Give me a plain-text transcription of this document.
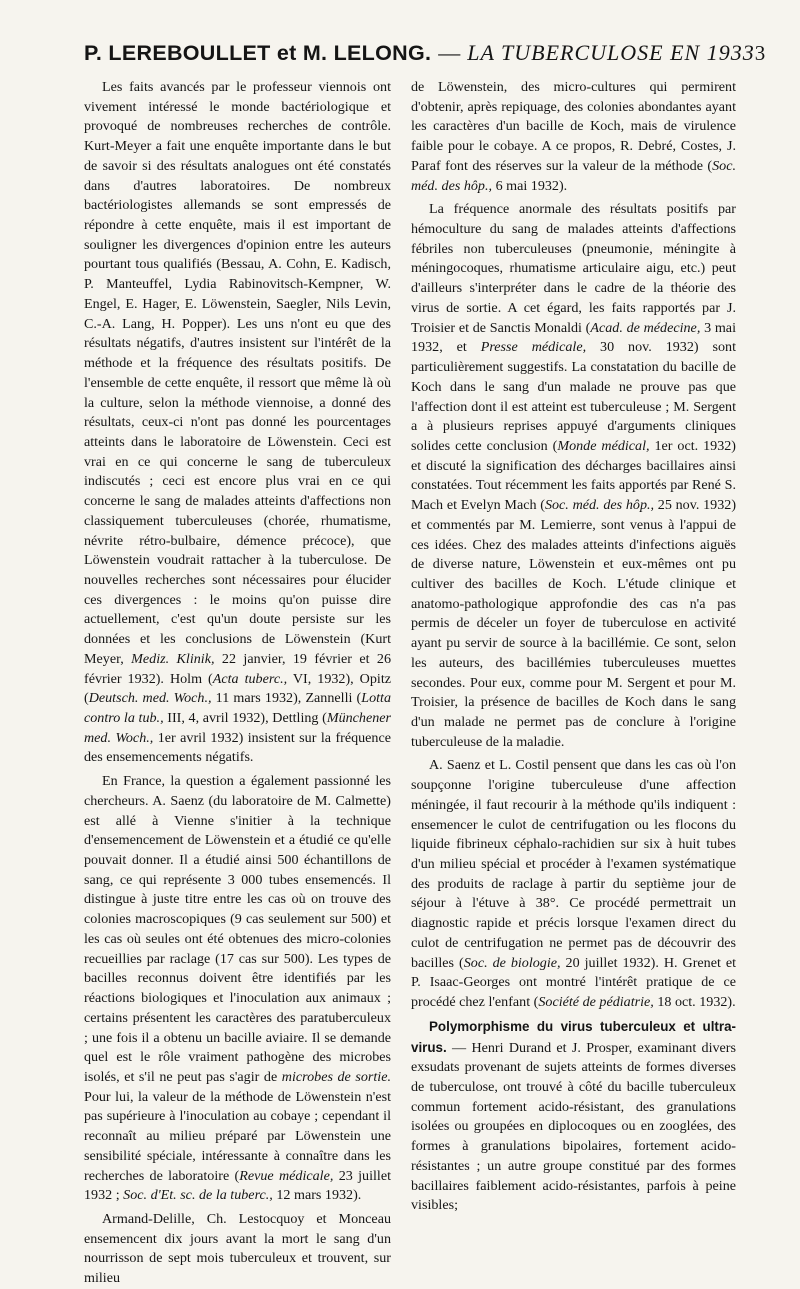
P. LEREBOULLET et M. LELONG. — LA TUBERCULOSE EN 1933 3

Les faits avancés par le professeur viennois ont vivement intéressé le monde bactériologique et provoqué de nombreuses recherches de contrôle. Kurt-Meyer a fait une enquête importante dans le but de savoir si des résultats analogues ont été constatés dans d'autres laboratoires. De nombreux bactériologistes allemands se sont empressés de répondre à cette enquête, mais il est important de souligner les divergences d'opinion entre les auteurs pourtant tous qualifiés (Bessau, A. Cohn, E. Kadisch, P. Manteuffel, Lydia Rabinovitsch-Kempner, W. Engel, E. Hager, E. Löwenstein, Saegler, Nils Levin, C.-A. Lang, H. Popper). Les uns n'ont eu que des résultats négatifs, d'autres insistent sur l'intérêt de la méthode et la fréquence des résultats positifs. De l'ensemble de cette enquête, il ressort que même là où la culture, selon la méthode viennoise, a donné des résultats, ceux-ci n'ont pas donné les pourcentages atteints dans le laboratoire de Löwenstein. Ceci est vrai en ce qui concerne le sang de tuberculeux indiscutés ; ceci est encore plus vrai en ce qui concerne le sang de malades atteints d'affections non classiquement tuberculeuses (chorée, rhumatisme, névrite rétro-bulbaire, démence précoce), que Löwenstein voudrait rattacher à la tuberculose. De nouvelles recherches sont nécessaires pour élucider ces divergences : le moins qu'on puisse dire actuellement, c'est qu'un doute persiste sur les données et les conclusions de Löwenstein (Kurt Meyer, Mediz. Klinik, 22 janvier, 19 février et 26 février 1932). Holm (Acta tuberc., VI, 1932), Opitz (Deutsch. med. Woch., 11 mars 1932), Zannelli (Lotta contro la tub., III, 4, avril 1932), Dettling (Münchener med. Woch., 1er avril 1932) insistent sur la fréquence des ensemencements négatifs.

En France, la question a également passionné les chercheurs. A. Saenz (du laboratoire de M. Calmette) est allé à Vienne s'initier à la technique d'ensemencement de Löwenstein et a étudié ce qu'elle pouvait donner. Il a étudié ainsi 500 échantillons de sang, ce qui représente 3 000 tubes ensemencés. Il distingue à juste titre entre les cas où on trouve des colonies macroscopiques (9 cas seulement sur 500) et les cas où seules ont été obtenues des micro-colonies recueillies par raclage (17 cas sur 500). Les types de bacilles reconnus doivent être identifiés par les réactions biologiques et l'inoculation aux animaux ; certains présentent les caractères des paratuberculeux ; une fois il a obtenu un bacille aviaire. Il se demande quel est le rôle vraiment pathogène des microbes isolés, et s'il ne peut pas s'agir de microbes de sortie. Pour lui, la valeur de la méthode de Löwenstein n'est pas supérieure à l'inoculation au cobaye ; cependant il reconnaît au milieu préparé par Löwenstein une sensibilité spéciale, intéressante à connaître dans les recherches de laboratoire (Revue médicale, 23 juillet 1932 ; Soc. d'Et. sc. de la tuberc., 12 mars 1932).

Armand-Delille, Ch. Lestocquoy et Monceau ensemencent dix jours avant la mort le sang d'un nourrisson de sept mois tuberculeux et trouvent, sur milieu

de Löwenstein, des micro-cultures qui permirent d'obtenir, après repiquage, des colonies abondantes ayant les caractères d'un bacille de Koch, mais de virulence faible pour le cobaye. A ce propos, R. Debré, Costes, J. Paraf font des réserves sur la valeur de la méthode (Soc. méd. des hôp., 6 mai 1932).

La fréquence anormale des résultats positifs par hémoculture du sang de malades atteints d'affections fébriles non tuberculeuses (pneumonie, méningite à méningocoques, rhumatisme articulaire aigu, etc.) peut d'ailleurs s'interpréter dans le cadre de la théorie des virus de sortie. A cet égard, les faits rapportés par J. Troisier et de Sanctis Monaldi (Acad. de médecine, 3 mai 1932, et Presse médicale, 30 nov. 1932) sont particulièrement suggestifs. La constatation du bacille de Koch dans le sang d'un malade ne prouve pas que l'affection dont il est atteint est tuberculeuse ; M. Sergent a à plusieurs reprises appuyé d'arguments cliniques solides cette conclusion (Monde médical, 1er oct. 1932) et discuté la signification des décharges bacillaires ainsi constatées. Tout récemment les faits apportés par René S. Mach et Evelyn Mach (Soc. méd. des hôp., 25 nov. 1932) et commentés par M. Lemierre, sont venus à l'appui de ces idées. Chez des malades atteints d'infections aiguës de diverse nature, Löwenstein et eux-mêmes ont pu cultiver des bacilles de Koch. L'étude clinique et anatomo-pathologique approfondie des cas n'a pas permis de déceler un foyer de tuberculose en activité ayant pu servir de source à la bacillémie. Ce sont, selon les auteurs, des bacillémies tuberculeuses muettes secondes. Pour eux, comme pour M. Sergent et pour M. Troisier, la présence de bacilles de Koch dans le sang d'un malade ne permet pas de conclure à l'origine tuberculeuse de la maladie.

A. Saenz et L. Costil pensent que dans les cas où l'on soupçonne l'origine tuberculeuse d'une affection méningée, il faut recourir à la méthode qu'ils indiquent : ensemencer le culot de centrifugation ou les flocons du liquide fibrineux céphalo-rachidien sur six à huit tubes d'un milieu spécial et procéder à l'examen systématique des produits de raclage à partir du septième jour de séjour à l'étuve à 38°. Ce procédé permettrait un diagnostic rapide et précis lorsque l'examen direct du culot de centrifugation ne permet pas de découvrir des bacilles (Soc. de biologie, 20 juillet 1932). H. Grenet et P. Isaac-Georges ont montré l'intérêt pratique de ce procédé chez l'enfant (Société de pédiatrie, 18 oct. 1932).

Polymorphisme du virus tuberculeux et ultra-virus. — Henri Durand et J. Prosper, examinant divers exsudats provenant de sujets atteints de formes diverses de tuberculose, ont trouvé à côté du bacille tuberculeux commun fortement acido-résistant, des granulations isolées ou groupées en diplocoques ou en zooglées, des formes à granulations bipolaires, fortement acido-résistantes ; un autre groupe constitué par des formes bacillaires faiblement acido-résistantes, parfois à peine visibles;
